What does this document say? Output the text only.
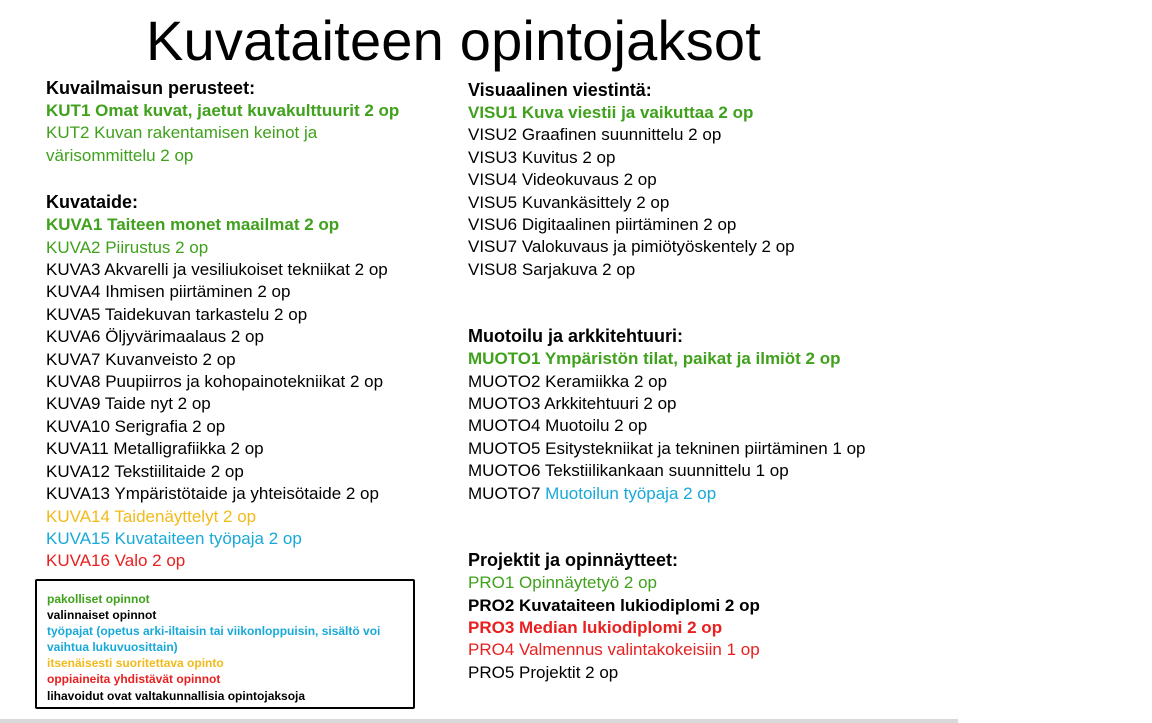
Kuvataiteen opintojaksot

Kuvailmaisun perusteet:

KUT1 Omat kuvat, jaetut kuvakulttuurit 2 op

KUT2 Kuvan rakentamisen keinot ja

värisommittelu 2 op

Kuvataide:

KUVA1 Taiteen monet maailmat 2 op

KUVA2 Piirustus 2 op

KUVA3 Akvarelli ja vesiliukoiset tekniikat 2 op

KUVA4 Ihmisen piirtäminen 2 op

KUVA5 Taidekuvan tarkastelu 2 op

KUVA6 Öljyvärimaalaus 2 op

KUVA7 Kuvanveisto 2 op

KUVA8 Puupiirros ja kohopainotekniikat 2 op

KUVA9 Taide nyt 2 op

KUVA10 Serigrafia 2 op

KUVA11 Metalligrafiikka 2 op

KUVA12 Tekstiilitaide 2 op

KUVA13 Ympäristötaide ja yhteisötaide 2 op

KUVA14 Taidenäyttelyt 2 op

KUVA15 Kuvataiteen työpaja 2 op

KUVA16 Valo 2 op

Visuaalinen viestintä:

VISU1 Kuva viestii ja vaikuttaa 2 op

VISU2 Graafinen suunnittelu 2 op

VISU3 Kuvitus 2 op

VISU4 Videokuvaus 2 op

VISU5 Kuvankäsittely 2 op

VISU6 Digitaalinen piirtäminen 2 op

VISU7 Valokuvaus ja pimiötyöskentely 2 op

VISU8 Sarjakuva 2 op

Muotoilu ja arkkitehtuuri:

MUOTO1 Ympäristön tilat, paikat ja ilmiöt 2 op

MUOTO2 Keramiikka 2 op

MUOTO3 Arkkitehtuuri 2 op

MUOTO4 Muotoilu 2 op

MUOTO5 Esitystekniikat ja tekninen piirtäminen 1 op

MUOTO6 Tekstiilikankaan suunnittelu 1 op

MUOTO7 Muotoilun työpaja 2 op

Projektit ja opinnäytteet:

PRO1 Opinnäytetyö 2 op

PRO2 Kuvataiteen lukiodiplomi 2 op

PRO3 Median lukiodiplomi 2 op

PRO4 Valmennus valintakokeisiin 1 op

PRO5 Projektit 2 op

pakolliset opinnot

valinnaiset opinnot

työpajat (opetus arki-iltaisin tai viikonloppuisin, sisältö voi vaihtua lukuvuosittain)

itsenäisesti suoritettava opinto

oppiaineita yhdistävät opinnot

lihavoidut ovat valtakunnallisia opintojaksoja
